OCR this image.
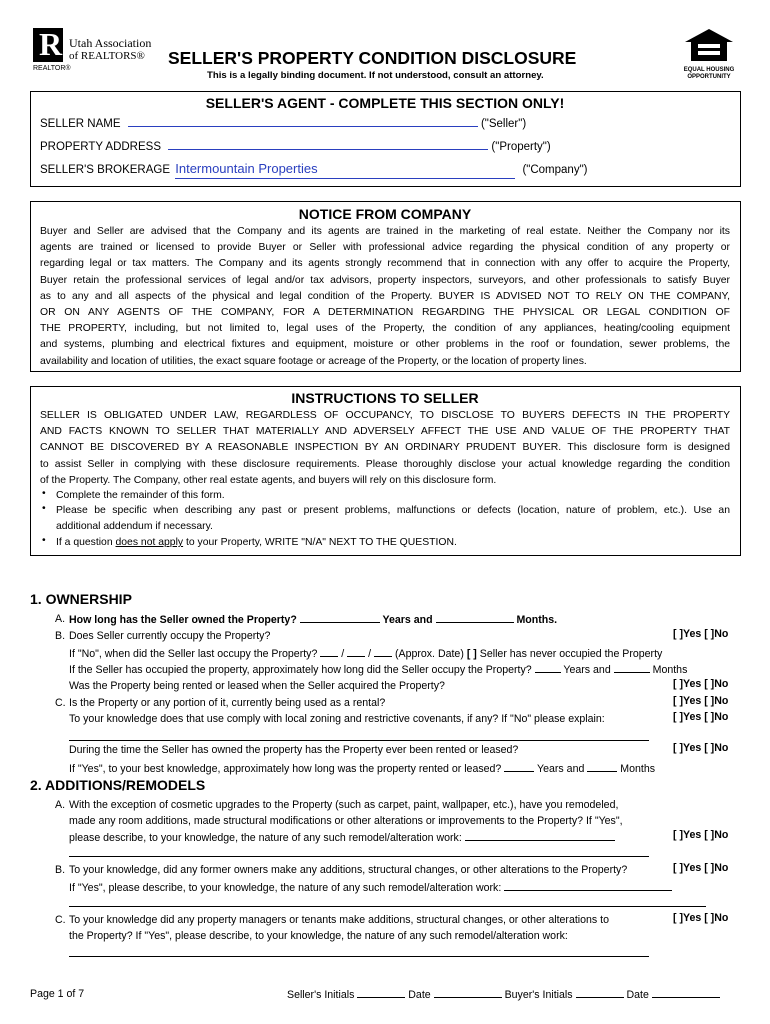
R Utah Association
of REALTORS®
REALTOR®
SELLER'S PROPERTY CONDITION DISCLOSURE
This is a legally binding document. If not understood, consult an attorney.	EQUAL HOUSING
OPPORTUNITY
SELLER'S AGENT - COMPLETE THIS SECTION ONLY!
SELLER NAME	("Seller")
PROPERTY ADDRESS	("Property")
SELLER'S BROKERAGE Intermountain Properties	("Company")
NOTICE FROM COMPANY
Buyer and Seller are advised that the Company and its agents are trained in the marketing of real estate. Neither the Company nor its
agents are trained or licensed to provide Buyer or Seller with professional advice regarding the physical condition of any property or
regarding legal or tax matters. The Company and its agents strongly recommend that in connection with any offer to acquire the Property,
Buyer retain the professional services of legal and/or tax advisors, property inspectors, surveyors, and other professionals to satisfy Buyer
as to any and all aspects of the physical and legal condition of the Property. BUYER IS ADVISED NOT TO RELY ON THE COMPANY,
OR ON ANY AGENTS OF THE COMPANY, FOR A DETERMINATION REGARDING THE PHYSICAL OR LEGAL CONDITION OF
THE PROPERTY, including, but not limited to, legal uses of the Property, the condition of any appliances, heating/cooling equipment
and systems, plumbing and electrical fixtures and equipment, moisture or other problems in the roof or foundation, sewer problems, the
availability and location of utilities, the exact square footage or acreage of the Property, or the location of property lines.
INSTRUCTIONS TO SELLER
SELLER IS OBLIGATED UNDER LAW, REGARDLESS OF OCCUPANCY, TO DISCLOSE TO BUYERS DEFECTS IN THE PROPERTY
AND FACTS KNOWN TO SELLER THAT MATERIALLY AND ADVERSELY AFFECT THE USE AND VALUE OF THE PROPERTY THAT
CANNOT BE DISCOVERED BY A REASONABLE INSPECTION BY AN ORDINARY PRUDENT BUYER. This disclosure form is designed
to assist Seller in complying with these disclosure requirements. Please thoroughly disclose your actual knowledge regarding the condition
of the Property. The Company, other real estate agents, and buyers will rely on this disclosure form.
• Complete the remainder of this form.
• Please be specific when describing any past or present problems, malfunctions or defects (location, nature of problem, etc.). Use an
additional addendum if necessary.
• If a question does not apply to your Property, WRITE "N/A" NEXT TO THE QUESTION.
1. OWNERSHIP
A. How long has the Seller owned the Property?	Years and	Months.
B. Does Seller currently occupy the Property?	[ ]Yes [ ]No
If "No", when did the Seller last occupy the Property?  /  /  (Approx. Date) [ ] Seller has never occupied the Property
If the Seller has occupied the property, approximately how long did the Seller occupy the Property?	Years and	Months
Was the Property being rented or leased when the Seller acquired the Property?	[ ]Yes [ ]No
C. Is the Property or any portion of it, currently being used as a rental?	[ ]Yes [ ]No
To your knowledge does that use comply with local zoning and restrictive covenants, if any? If "No" please explain:	[ ]Yes [ ]No
During the time the Seller has owned the property has the Property ever been rented or leased?	[ ]Yes [ ]No
If "Yes", to your best knowledge, approximately how long was the property rented or leased?	Years and	Months
2. ADDITIONS/REMODELS
A. With the exception of cosmetic upgrades to the Property (such as carpet, paint, wallpaper, etc.), have you remodeled,
made any room additions, made structural modifications or other alterations or improvements to the Property? If "Yes",
please describe, to your knowledge, the nature of any such remodel/alteration work:	[ ]Yes [ ]No
B. To your knowledge, did any former owners make any additions, structural changes, or other alterations to the Property?	[ ]Yes [ ]No
If "Yes", please describe, to your knowledge, the nature of any such remodel/alteration work:
C. To your knowledge did any property managers or tenants make additions, structural changes, or other alterations to	[ ]Yes [ ]No
the Property? If "Yes", please describe, to your knowledge, the nature of any such remodel/alteration work:
Page 1 of 7	Seller's Initials	Date	Buyer's Initials	Date
